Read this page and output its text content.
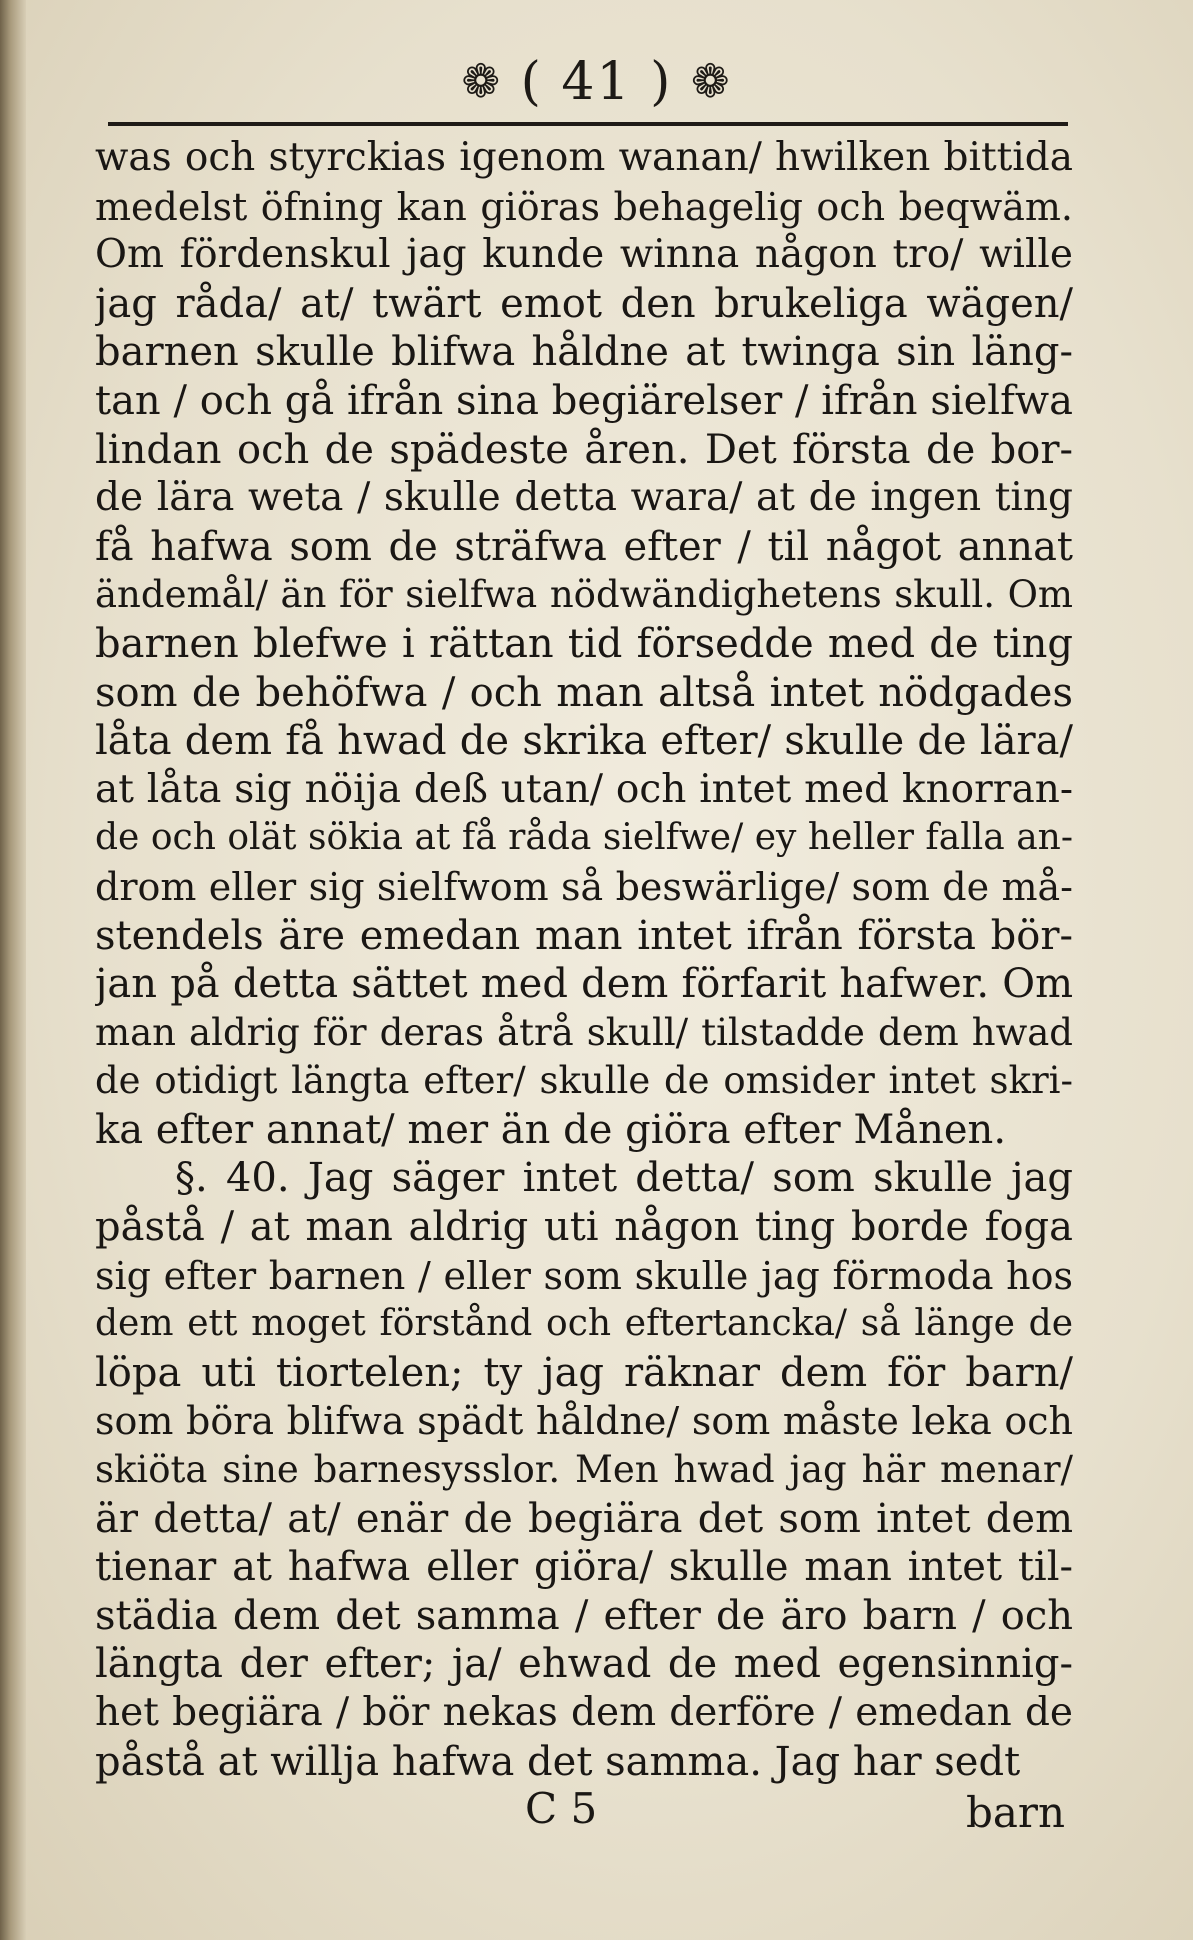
❁ ( 41 ) ❁
was och styrckias igenom wanan/ hwilken bittida
medelst öfning kan giöras behagelig och beqwäm.
Om fördenskul jag kunde winna någon tro/ wille
jag råda/ at/ twärt emot den brukeliga wägen/
barnen skulle blifwa håldne at twinga sin läng-
tan / och gå ifrån sina begiärelser / ifrån sielfwa
lindan och de spädeste åren. Det första de bor-
de lära weta / skulle detta wara/ at de ingen ting
få hafwa som de sträfwa efter / til något annat
ändemål/ än för sielfwa nödwändighetens skull. Om
barnen blefwe i rättan tid försedde med de ting
som de behöfwa / och man altså intet nödgades
låta dem få hwad de skrika efter/ skulle de lära/
at låta sig nöija deß utan/ och intet med knorran-
de och olät sökia at få råda sielfwe/ ey heller falla an-
drom eller sig sielfwom så beswärlige/ som de må-
stendels äre emedan man intet ifrån första bör-
jan på detta sättet med dem förfarit hafwer. Om
man aldrig för deras åtrå skull/ tilstadde dem hwad
de otidigt längta efter/ skulle de omsider intet skri-
ka efter annat/ mer än de giöra efter Månen.
§. 40. Jag säger intet detta/ som skulle jag
påstå / at man aldrig uti någon ting borde foga
sig efter barnen / eller som skulle jag förmoda hos
dem ett moget förstånd och eftertancka/ så länge de
löpa uti tiortelen; ty jag räknar dem för barn/
som böra blifwa spädt håldne/ som måste leka och
skiöta sine barnesysslor. Men hwad jag här menar/
är detta/ at/ enär de begiära det som intet dem
tienar at hafwa eller giöra/ skulle man intet til-
städia dem det samma / efter de äro barn / och
längta der efter; ja/ ehwad de med egensinnig-
het begiära / bör nekas dem derföre / emedan de
påstå at willja hafwa det samma. Jag har sedt
C 5	barn
